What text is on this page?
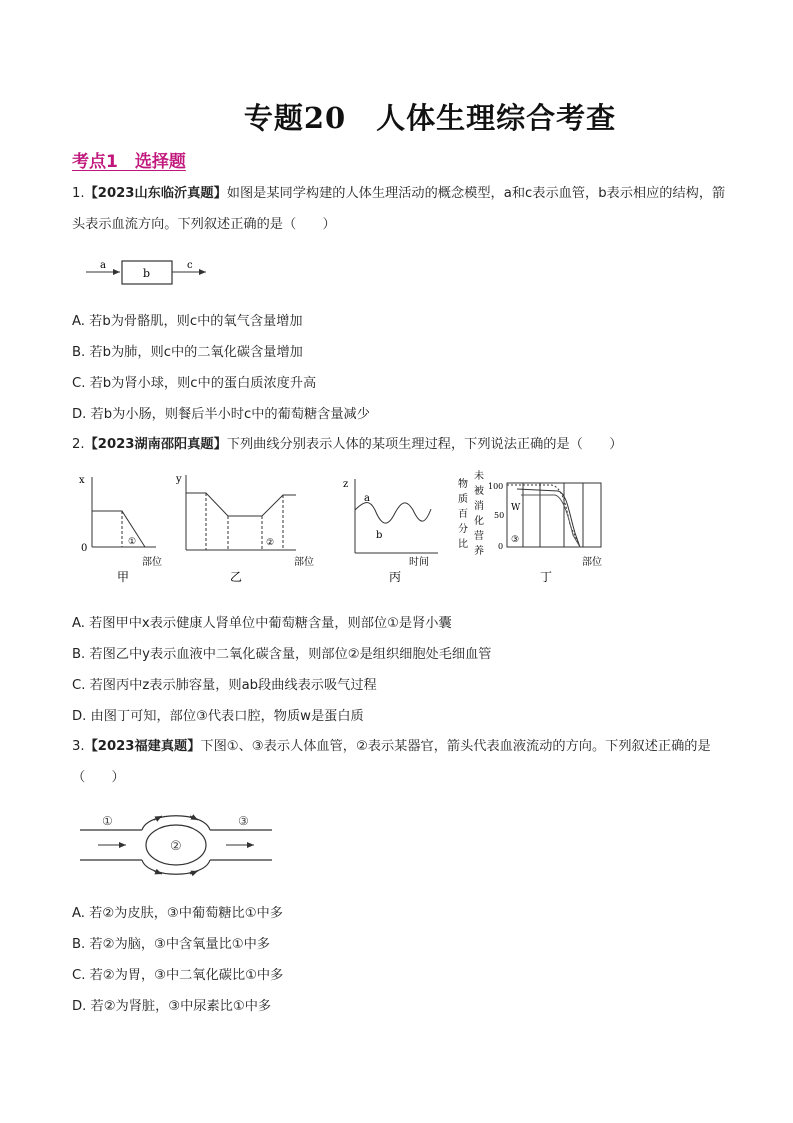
专题20　人体生理综合考查
考点1　选择题
1.【2023山东临沂真题】如图是某同学构建的人体生理活动的概念模型，a和c表示血管，b表示相应的结构，箭头表示血流方向。下列叙述正确的是（　　）
a
b
c
A. 若b为骨骼肌，则c中的氧气含量增加
B. 若b为肺，则c中的二氧化碳含量增加
C. 若b为肾小球，则c中的蛋白质浓度升高
D. 若b为小肠，则餐后半小时c中的葡萄糖含量减少
2.【2023湖南邵阳真题】下列曲线分别表示人体的某项生理过程，下列说法正确的是（　　）
x
0
①
部位
甲
y
②
部位
乙
z
a
b
时间
丙
物 质 百 分 比
未 被 消 化 营 养
100
50
0
③
W
部位
丁
A. 若图甲中x表示健康人肾单位中葡萄糖含量，则部位①是肾小囊
B. 若图乙中y表示血液中二氧化碳含量，则部位②是组织细胞处毛细血管
C. 若图丙中z表示肺容量，则ab段曲线表示吸气过程
D. 由图丁可知，部位③代表口腔，物质w是蛋白质
3.【2023福建真题】下图①、③表示人体血管，②表示某器官，箭头代表血液流动的方向。下列叙述正确的是（　　）
①
②
③
A. 若②为皮肤，③中葡萄糖比①中多
B. 若②为脑，③中含氧量比①中多
C. 若②为胃，③中二氧化碳比①中多
D. 若②为肾脏，③中尿素比①中多
